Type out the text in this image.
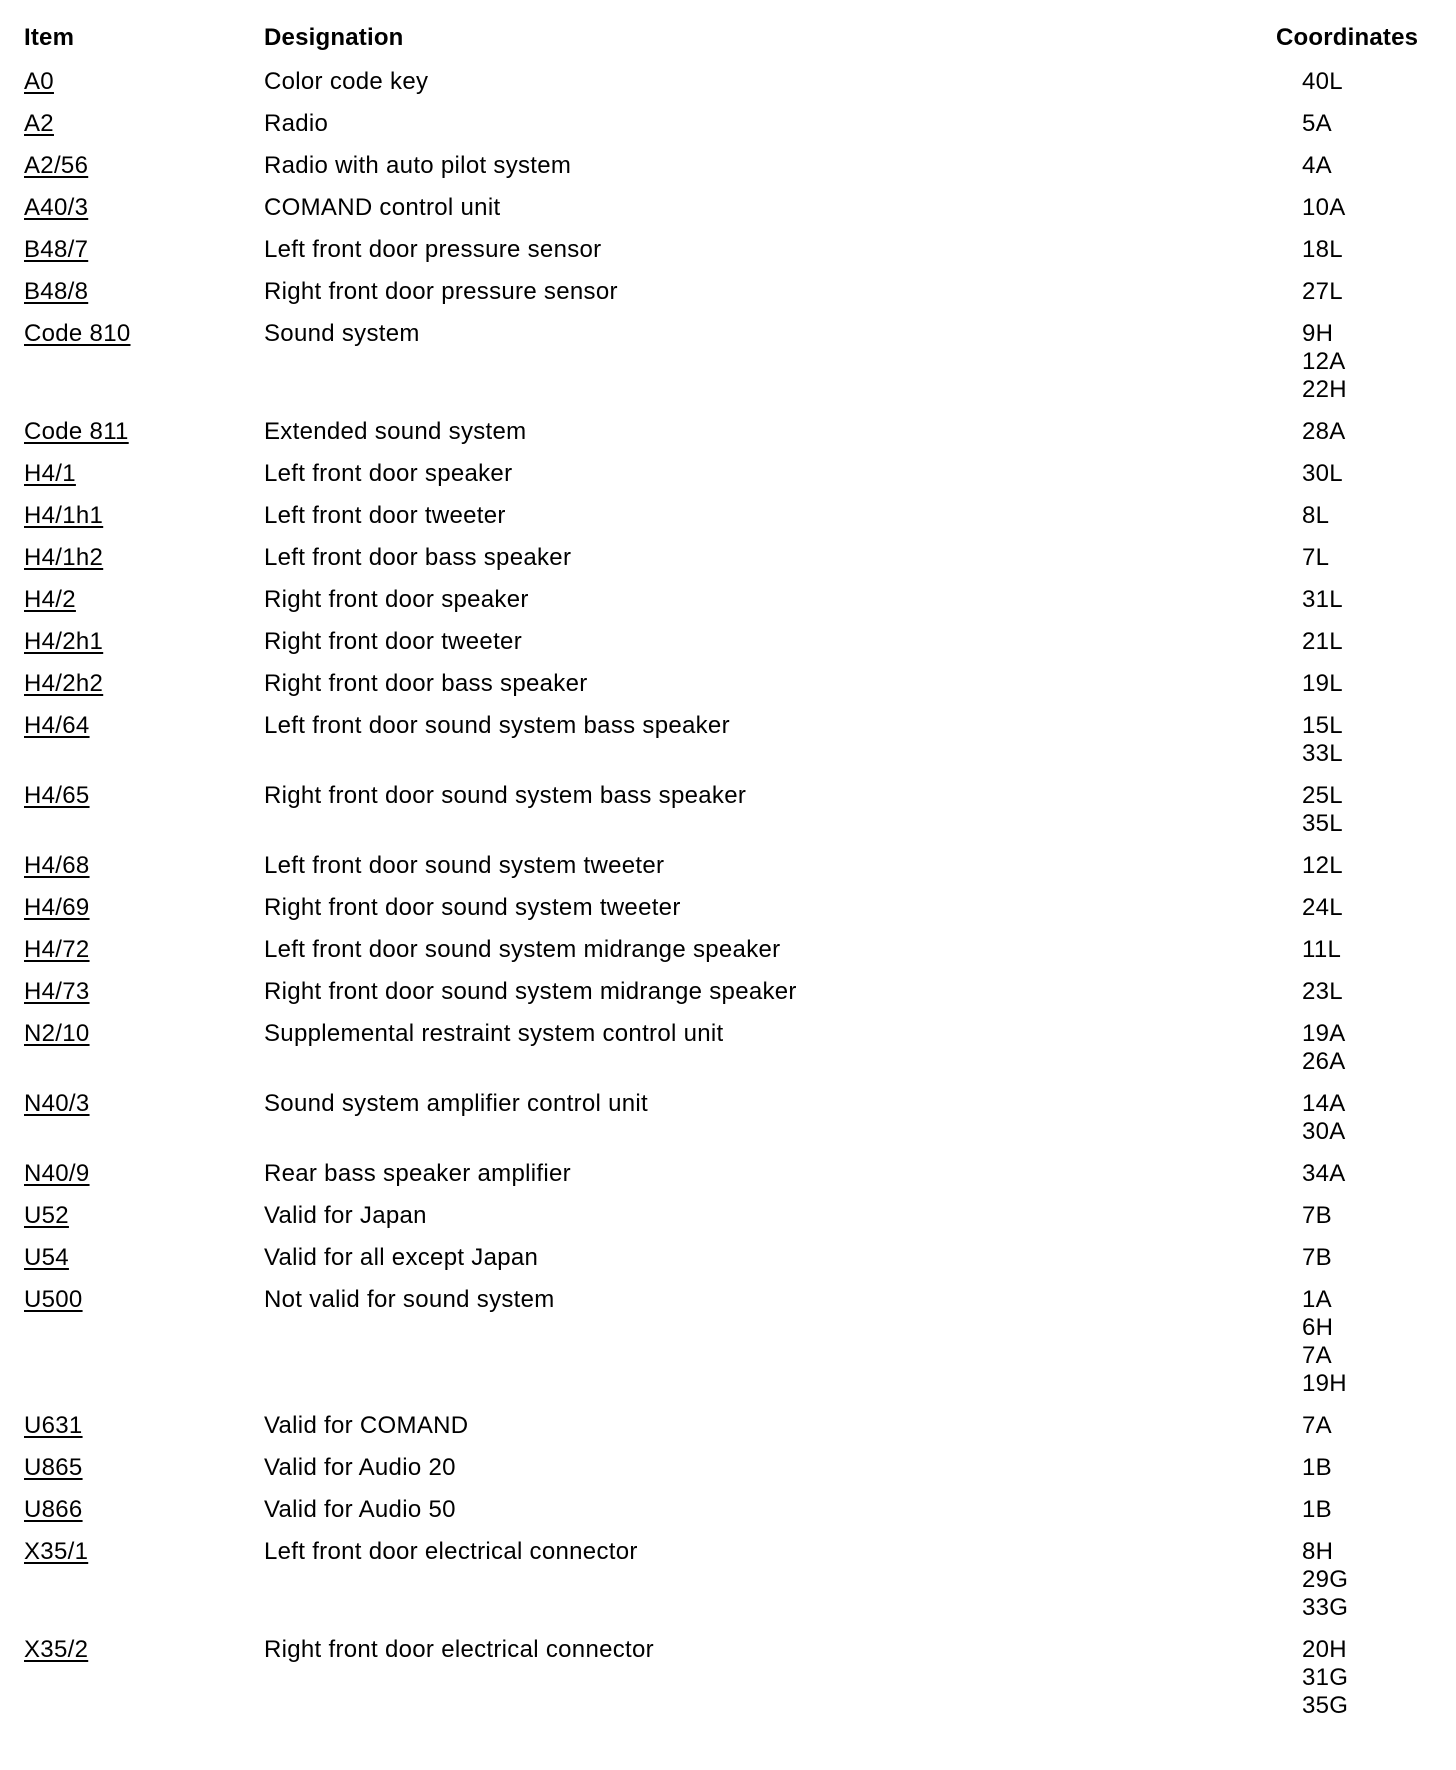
Item	Designation	Coordinates
A0	Color code key	40L

A2	Radio	5A

A2/56	Radio with auto pilot system	4A

A40/3	COMAND control unit	10A

B48/7	Left front door pressure sensor	18L

B48/8	Right front door pressure sensor	27L

Code 810	Sound system	9H
12A
22H

Code 811	Extended sound system	28A

H4/1	Left front door speaker	30L

H4/1h1	Left front door tweeter	8L

H4/1h2	Left front door bass speaker	7L

H4/2	Right front door speaker	31L

H4/2h1	Right front door tweeter	21L

H4/2h2	Right front door bass speaker	19L

H4/64	Left front door sound system bass speaker	15L
33L

H4/65	Right front door sound system bass speaker	25L
35L

H4/68	Left front door sound system tweeter	12L

H4/69	Right front door sound system tweeter	24L

H4/72	Left front door sound system midrange speaker	11L

H4/73	Right front door sound system midrange speaker	23L

N2/10	Supplemental restraint system control unit	19A
26A

N40/3	Sound system amplifier control unit	14A
30A

N40/9	Rear bass speaker amplifier	34A

U52	Valid for Japan	7B

U54	Valid for all except Japan	7B

U500	Not valid for sound system	1A
6H
7A
19H

U631	Valid for COMAND	7A

U865	Valid for Audio 20	1B

U866	Valid for Audio 50	1B

X35/1	Left front door electrical connector	8H
29G
33G

X35/2	Right front door electrical connector	20H
31G
35G
